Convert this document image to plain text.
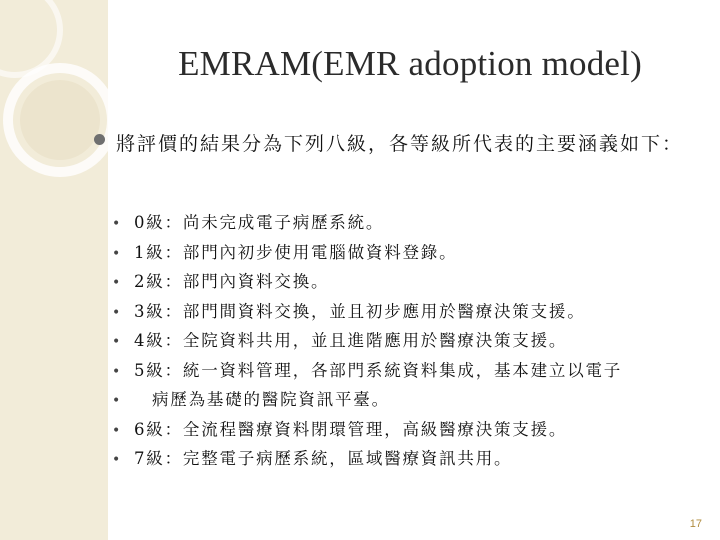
EMRAM(EMR adoption model)
將評價的結果分為下列八級，各等級所代表的主要涵義如下：
• 0級：尚未完成電子病歷系統。
• 1級：部門內初步使用電腦做資料登錄。
• 2級：部門內資料交換。
• 3級：部門間資料交換，並且初步應用於醫療決策支援。
• 4級：全院資料共用，並且進階應用於醫療決策支援。
• 5級：統一資料管理，各部門系統資料集成，基本建立以電子
• 病歷為基礎的醫院資訊平臺。
• 6級：全流程醫療資料閉環管理，高級醫療決策支援。
• 7級：完整電子病歷系統，區域醫療資訊共用。
17
